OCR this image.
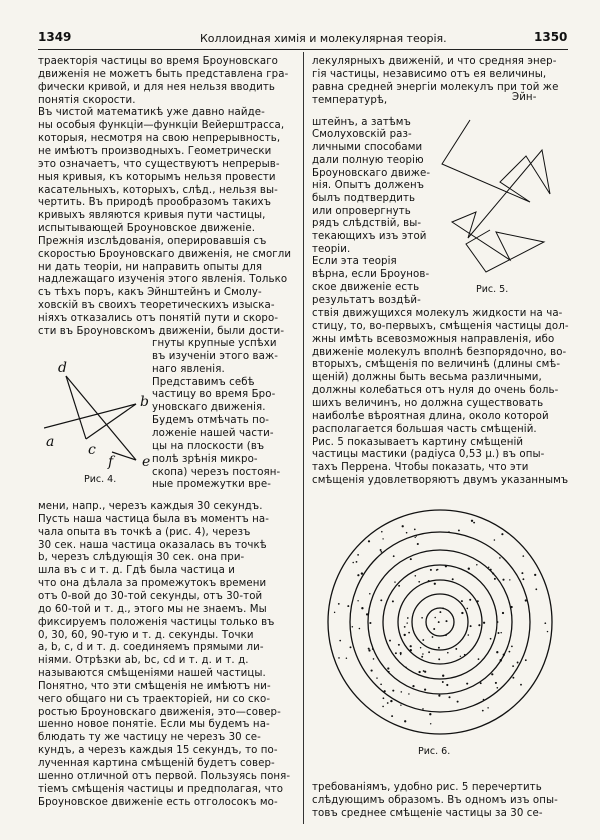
1349	Коллоидная химія и молекулярная теорія.	1350
траекторія частицы во время Броуновскаго
движенія не можетъ быть представлена гра-
фически кривой, и для нея нельзя вводить
понятія скорости.
Въ чистой математикѣ уже давно найде-
ны особыя функціи—функціи Вейерштрасса,
которыя, несмотря на свою непрерывность,
не имѣютъ производныхъ. Геометрически
это означаетъ, что существуютъ непрерыв-
ныя кривыя, къ которымъ нельзя провести
касательныхъ, которыхъ, слѣд., нельзя вы-
чертить. Въ природѣ прообразомъ такихъ
кривыхъ являются кривыя пути частицы,
испытывающей Броуновское движеніе.
Прежнія изслѣдованія, оперировавшія съ
скоростью Броуновскаго движенія, не смогли
ни дать теоріи, ни направить опыты для
надлежащаго изученія этого явленія. Только
съ тѣхъ поръ, какъ Эйнштейнъ и Смолу-
ховскій въ своихъ теоретическихъ изыска-
ніяхъ отказались отъ понятій пути и скоро-
сти въ Броуновскомъ движеніи, были дости-
гнуты крупные успѣхи
въ изученіи этого важ-
наго явленія.
Представимъ себѣ
частицу во время Бро-
уновскаго движенія.
Будемъ отмѣчать по-
ложеніе нашей части-
цы на плоскости (въ
полѣ зрѣнія микро-
скопа) черезъ постоян-
ные промежутки вре-
мени, напр., черезъ каждыя 30 секундъ.
Пусть наша частица была въ моментъ на-
чала опыта въ точкѣ a (рис. 4), черезъ
30 сек. наша частица оказалась въ точкѣ
b, черезъ слѣдующія 30 сек. она при-
шла въ с и т. д. Гдѣ была частица и
что она дѣлала за промежутокъ времени
отъ 0-вой до 30-той секунды, отъ 30-той
до 60-той и т. д., этого мы не знаемъ. Мы
фиксируемъ положенія частицы только въ
0, 30, 60, 90-тую и т. д. секунды. Точки
a, b, c, d и т. д. соединяемъ прямыми ли-
ніями. Отрѣзки ab, bc, cd и т. д. и т. д.
называются смѣщеніями нашей частицы.
Понятно, что эти смѣщенія не имѣютъ ни-
чего общаго ни съ траекторіей, ни со ско-
ростью Броуновскаго движенія, это—совер-
шенно новое понятіе. Если мы будемъ на-
блюдать ту же частицу не черезъ 30 се-
кундъ, а черезъ каждыя 15 секундъ, то по-
лученная картина смѣщеній будетъ совер-
шенно отличной отъ первой. Пользуясь поня-
тіемъ смѣщенія частицы и предполагая, что
Броуновское движеніе есть отголосокъ мо-
d
b
a c
f e
Рис. 4.
лекулярныхъ движеній, и что средняя энер-
гія частицы, независимо отъ ея величины,
равна средней энергіи молекулъ при той же
температурѣ,	Эйн-
штейнъ, а затѣмъ
Смолуховскій раз-
личными способами
дали полную теорію
Броуновскаго движе-
нія. Опытъ долженъ
былъ подтвердить
или опровергнуть
рядъ слѣдствій, вы-
текающихъ изъ этой
теоріи.
Если эта теорія
вѣрна, если Броунов-
ское движеніе есть
результатъ воздѣй-
ствія движущихся молекулъ жидкости на ча-
стицу, то, во-первыхъ, смѣщенія частицы дол-
жны имѣть всевозможныя направленія, ибо
движеніе молекулъ вполнѣ безпорядочно, во-
вторыхъ, смѣщенія по величинѣ (длины смѣ-
щеній) должны быть весьма различными,
должны колебаться отъ нуля до очень боль-
шихъ величинъ, но должна существовать
наиболѣе вѣроятная длина, около которой
располагается большая часть смѣщеній.
Рис. 5 показываетъ картину смѣщеній
частицы мастики (радіуса 0,53 μ.) въ опы-
тахъ Перрена. Чтобы показать, что эти
смѣщенія удовлетворяютъ двумъ указаннымъ
требованіямъ, удобно рис. 5 перечертить
слѣдующимъ образомъ. Въ одномъ изъ опы-
товъ среднее смѣщеніе частицы за 30 се-
Рис. 5.
Рис. 6.
